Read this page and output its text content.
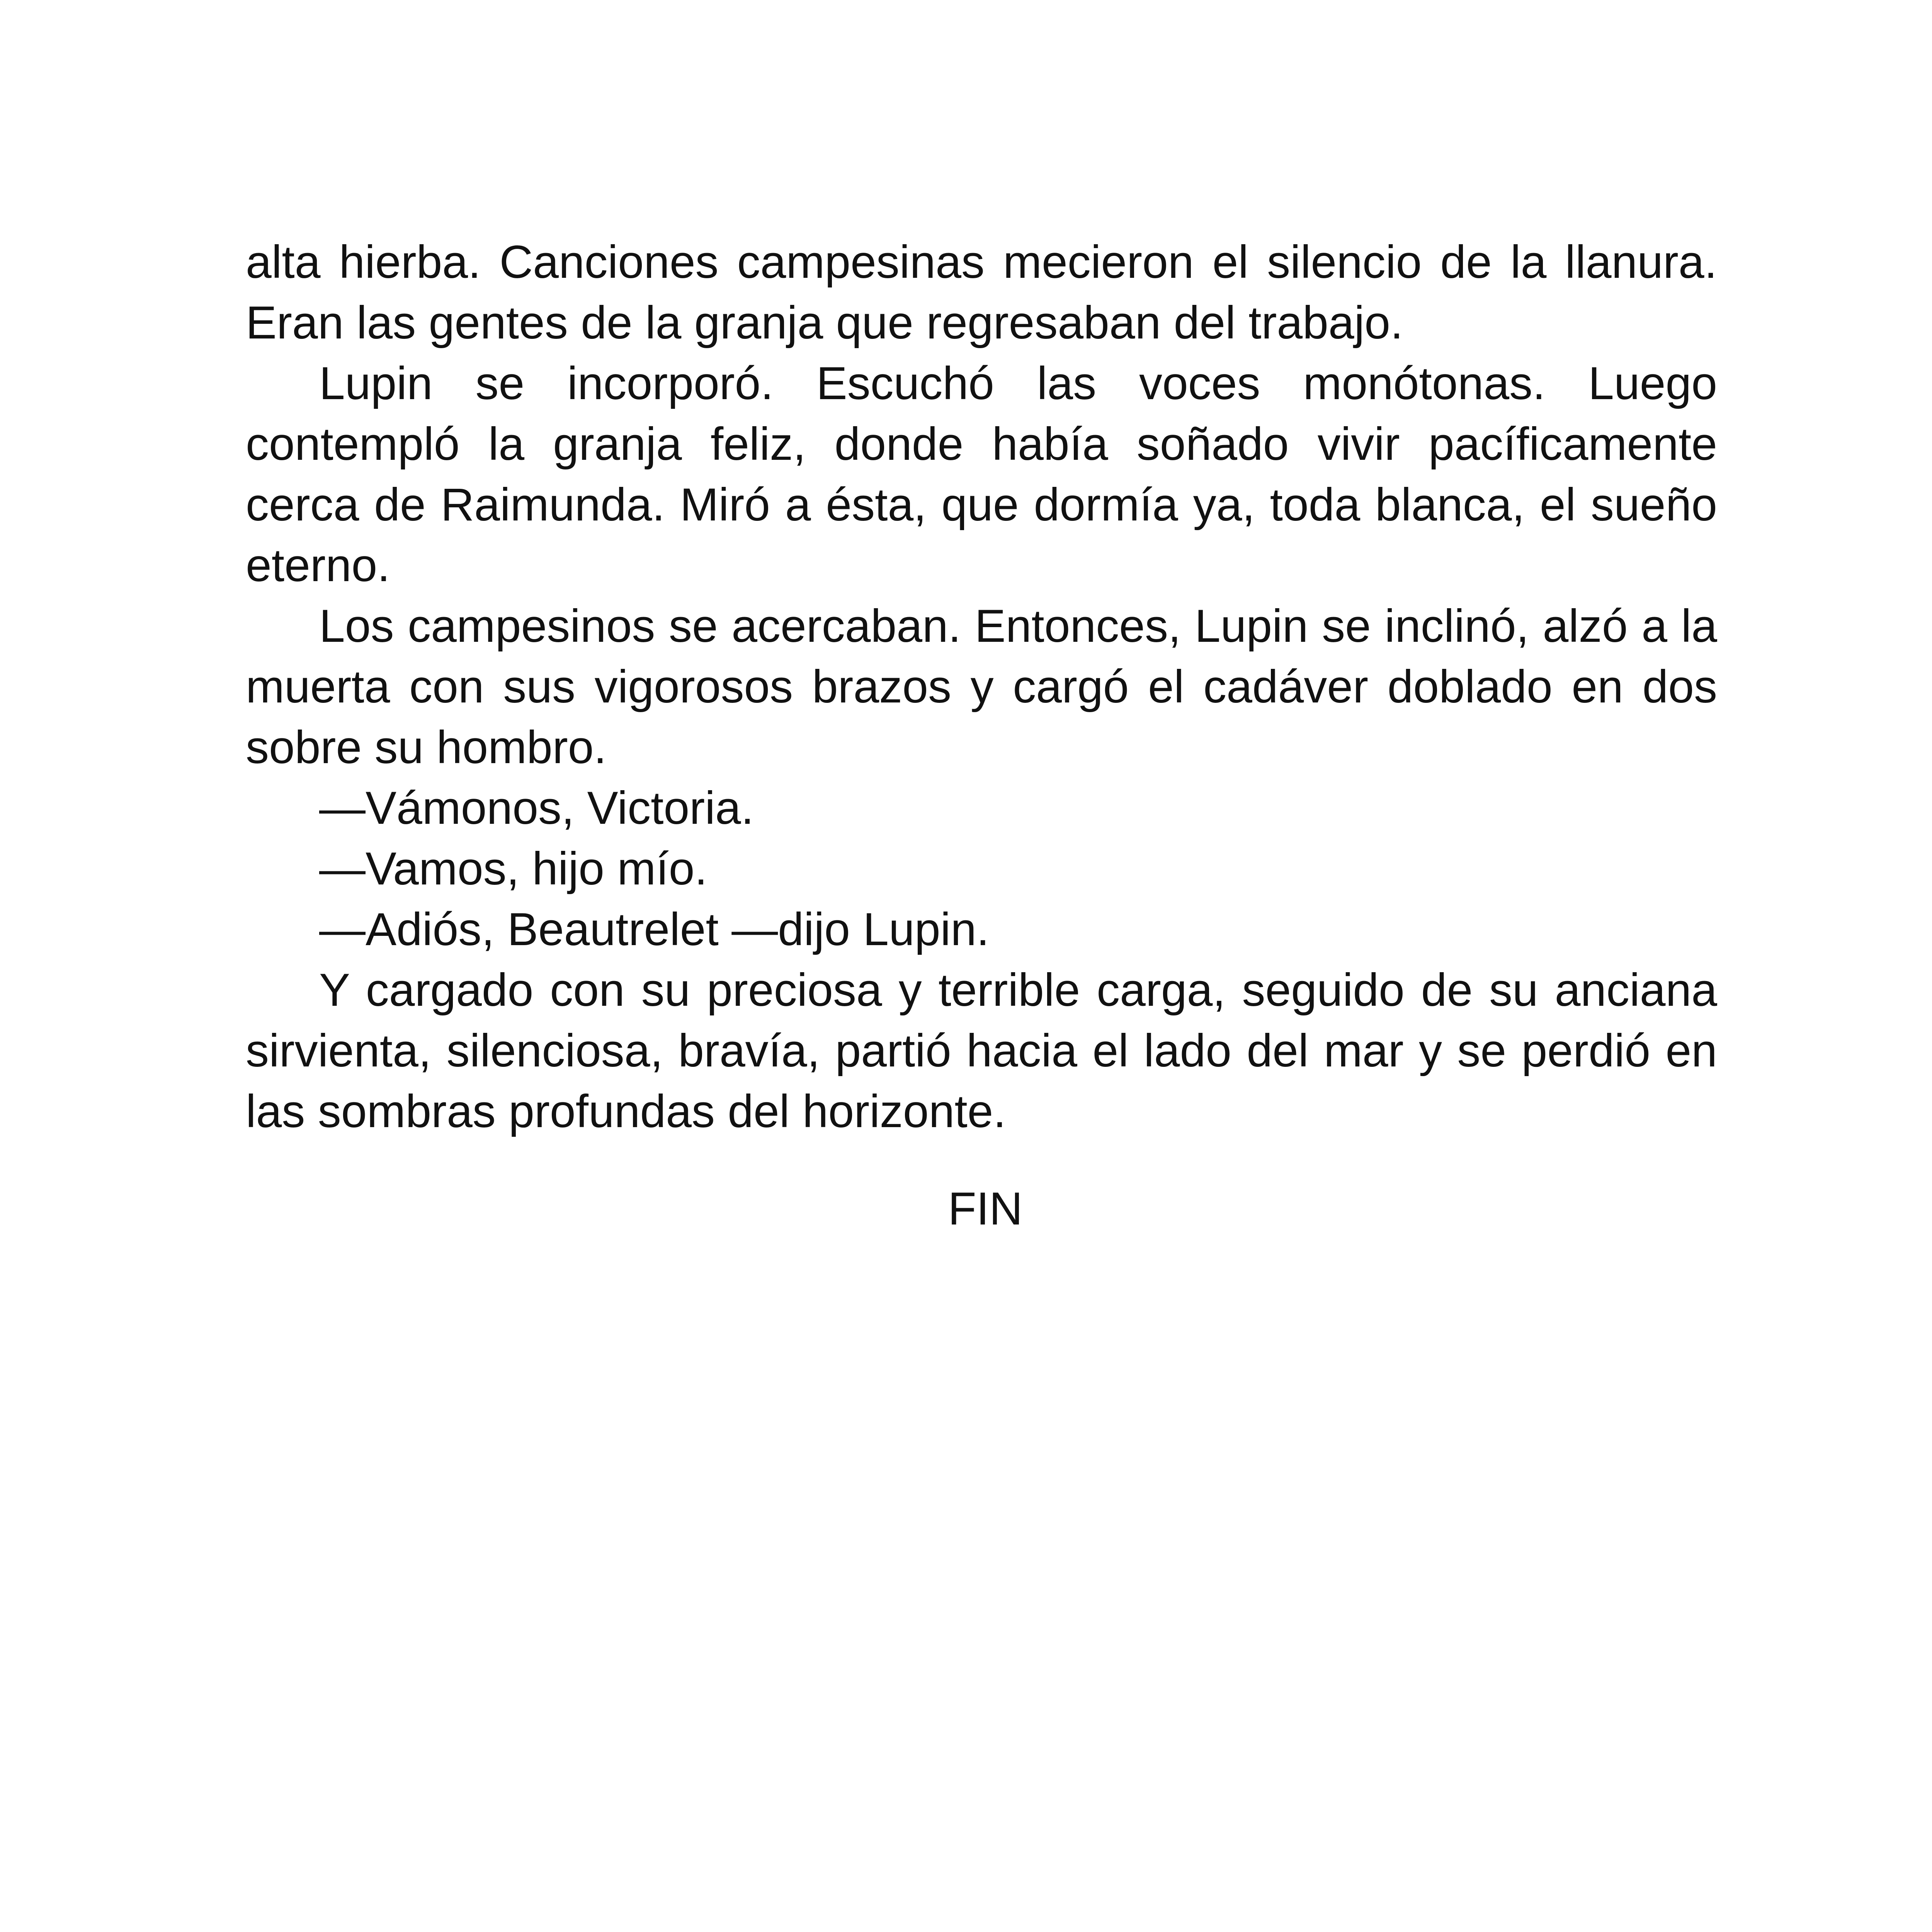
alta hierba. Canciones campesinas mecieron el silencio de la llanura. Eran las gentes de la granja que regresaban del trabajo.

Lupin se incorporó. Escuchó las voces monótonas. Luego contempló la granja feliz, donde había soñado vivir pacíficamente cerca de Raimunda. Miró a ésta, que dormía ya, toda blanca, el sueño eterno.

Los campesinos se acercaban. Entonces, Lupin se inclinó, alzó a la muerta con sus vigorosos brazos y cargó el cadáver doblado en dos sobre su hombro.

—Vámonos, Victoria.

—Vamos, hijo mío.

—Adiós, Beautrelet —dijo Lupin.

Y cargado con su preciosa y terrible carga, seguido de su anciana sirvienta, silenciosa, bravía, partió hacia el lado del mar y se perdió en las sombras profundas del horizonte.

FIN
